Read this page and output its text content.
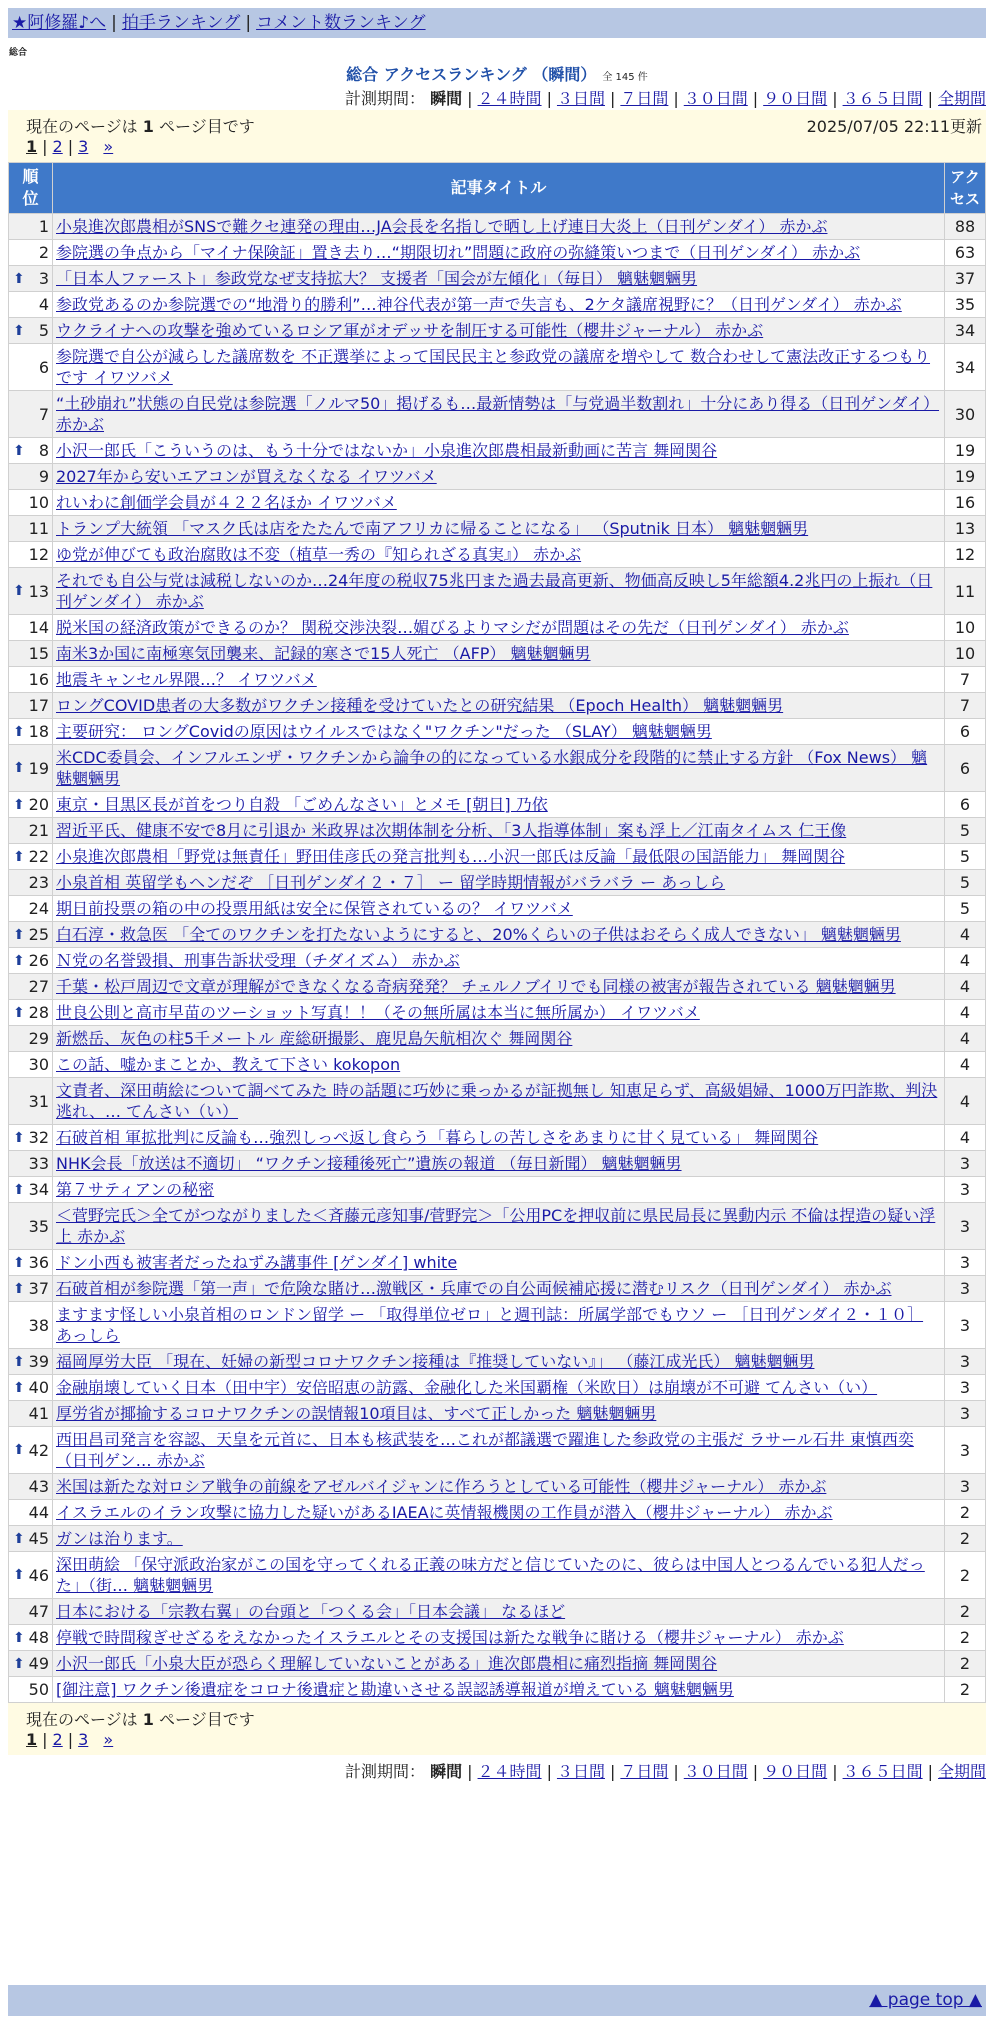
★阿修羅♪へ | 拍手ランキング | コメント数ランキング
総合
総合 アクセスランキング （瞬間） 全 145 件
計測期間： 瞬間 | ２４時間 | ３日間 | ７日間 | ３０日間 | ９０日間 | ３６５日間 | 全期間
現在のページは 1 ページ目です	2025/07/05 22:11更新
1 | 2 | 3 »
順位	記事タイトル	アクセス
1	小泉進次郎農相がSNSで難クセ連発の理由…JA会長を名指しで晒し上げ連日大炎上（日刊ゲンダイ） 赤かぶ	88
2	参院選の争点から「マイナ保険証」置き去り…“期限切れ”問題に政府の弥縫策いつまで（日刊ゲンダイ） 赤かぶ	63

⬆ 3	「日本人ファースト」参政党なぜ支持拡大？ 支援者「国会が左傾化」（毎日） 魑魅魍魎男	37
4	参政党あるのか参院選での“地滑り的勝利”…神谷代表が第一声で失言も、2ケタ議席視野に？（日刊ゲンダイ） 赤かぶ	35

⬆ 5	ウクライナへの攻撃を強めているロシア軍がオデッサを制圧する可能性（櫻井ジャーナル） 赤かぶ	34
6	参院選で自公が減らした議席数を 不正選挙によって国民民主と参政党の議席を増やして 数合わせして憲法改正するつもりです イワツバメ	34
7	“土砂崩れ”状態の自民党は参院選「ノルマ50」掲げるも…最新情勢は「与党過半数割れ」十分にあり得る（日刊ゲンダイ） 赤かぶ	30

⬆ 8	小沢一郎氏「こういうのは、もう十分ではないか」小泉進次郎農相最新動画に苦言 舞岡関谷	19
9	2027年から安いエアコンが買えなくなる イワツバメ	19
10	れいわに創価学会員が４２２名ほか イワツバメ	16
11	トランプ大統領 「マスク氏は店をたたんで南アフリカに帰ることになる」 （Sputnik 日本） 魑魅魍魎男	13
12	ゆ党が伸びても政治腐敗は不変（植草一秀の『知られざる真実』） 赤かぶ	12

⬆ 13	それでも自公与党は減税しないのか…24年度の税収75兆円また過去最高更新、物価高反映し5年総額4.2兆円の上振れ（日刊ゲンダイ） 赤かぶ	11
14	脱米国の経済政策ができるのか？ 関税交渉決裂…媚びるよりマシだが問題はその先だ（日刊ゲンダイ） 赤かぶ	10
15	南米3か国に南極寒気団襲来、記録的寒さで15人死亡 （AFP） 魑魅魍魎男	10
16	地震キャンセル界隈…？ イワツバメ	7
17	ロングCOVID患者の大多数がワクチン接種を受けていたとの研究結果 （Epoch Health） 魑魅魍魎男	7

⬆ 18	主要研究： ロングCovidの原因はウイルスではなく"ワクチン"だった （SLAY） 魑魅魍魎男	6

⬆ 19	米CDC委員会、インフルエンザ・ワクチンから論争の的になっている水銀成分を段階的に禁止する方針 （Fox News） 魑魅魍魎男	6

⬆ 20	東京・目黒区長が首をつり自殺 「ごめんなさい」とメモ [朝日] 乃依	6
21	習近平氏、健康不安で8月に引退か 米政界は次期体制を分析、「3人指導体制」案も浮上／江南タイムス 仁王像	5

⬆ 22	小泉進次郎農相「野党は無責任」野田佳彦氏の発言批判も…小沢一郎氏は反論「最低限の国語能力」 舞岡関谷	5
23	小泉首相 英留学もヘンだぞ ［日刊ゲンダイ２・７］ ー 留学時期情報がバラバラ ー あっしら	5
24	期日前投票の箱の中の投票用紙は安全に保管されているの？ イワツバメ	5

⬆ 25	白石淳・救急医 「全てのワクチンを打たないようにすると、20%くらいの子供はおそらく成人できない」 魑魅魍魎男	4

⬆ 26	Ｎ党の名誉毀損、刑事告訴状受理（チダイズム） 赤かぶ	4
27	千葉・松戸周辺で文章が理解ができなくなる奇病発発？ チェルノブイリでも同様の被害が報告されている 魑魅魍魎男	4

⬆ 28	世良公則と高市早苗のツーショット写真！！（その無所属は本当に無所属か） イワツバメ	4
29	新燃岳、灰色の柱5千メートル 産総研撮影、鹿児島矢航相次ぐ 舞岡関谷	4
30	この話、嘘かまことか、教えて下さい kokopon	4
31	文責者、深田萌絵について調べてみた 時の話題に巧妙に乗っかるが証拠無し 知恵足らず、高級娼婦、1000万円詐欺、判決逃れ、… てんさい（い）	4

⬆ 32	石破首相 軍拡批判に反論も…強烈しっぺ返し食らう「暮らしの苦しさをあまりに甘く見ている」 舞岡関谷	4
33	NHK会長「放送は不適切」 “ワクチン接種後死亡”遺族の報道 （毎日新聞） 魑魅魍魎男	3

⬆ 34	第７サティアンの秘密	3
35	＜菅野完氏＞全てがつながりました＜斉藤元彦知事/菅野完＞「公用PCを押収前に県民局長に異動内示 不倫は捏造の疑い浮上 赤かぶ	3

⬆ 36	ドン小西も被害者だったねずみ講事件 [ゲンダイ] white	3

⬆ 37	石破首相が参院選「第一声」で危険な賭け…激戦区・兵庫での自公両候補応援に潜むリスク（日刊ゲンダイ） 赤かぶ	3
38	ますます怪しい小泉首相のロンドン留学 ー 「取得単位ゼロ」と週刊誌：所属学部でもウソ ー ［日刊ゲンダイ２・１０］ あっしら	3

⬆ 39	福岡厚労大臣 「現在、妊婦の新型コロナワクチン接種は『推奨していない』」 （藤江成光氏） 魑魅魍魎男	3

⬆ 40	金融崩壊していく日本（田中宇）安倍昭恵の訪露、金融化した米国覇権（米欧日）は崩壊が不可避 てんさい（い）	3
41	厚労省が揶揄するコロナワクチンの誤情報10項目は、すべて正しかった 魑魅魍魎男	3

⬆ 42	西田昌司発言を容認、天皇を元首に、日本も核武装を…これが都議選で躍進した参政党の主張だ ラサール石井 東慎西奕（日刊ゲン… 赤かぶ	3
43	米国は新たな対ロシア戦争の前線をアゼルバイジャンに作ろうとしている可能性（櫻井ジャーナル） 赤かぶ	3
44	イスラエルのイラン攻撃に協力した疑いがあるIAEAに英情報機関の工作員が潜入（櫻井ジャーナル） 赤かぶ	2

⬆ 45	ガンは治ります。	2

⬆ 46	深田萌絵 「保守派政治家がこの国を守ってくれる正義の味方だと信じていたのに、彼らは中国人とつるんでいる犯人だった」（街… 魑魅魍魎男	2
47	日本における「宗教右翼」の台頭と「つくる会」「日本会議」 なるほど	2

⬆ 48	停戦で時間稼ぎせざるをえなかったイスラエルとその支援国は新たな戦争に賭ける（櫻井ジャーナル） 赤かぶ	2

⬆ 49	小沢一郎氏「小泉大臣が恐らく理解していないことがある」進次郎農相に痛烈指摘 舞岡関谷	2
50	[御注意] ワクチン後遺症をコロナ後遺症と勘違いさせる誤認誘導報道が増えている 魑魅魍魎男	2
現在のページは 1 ページ目です
1 | 2 | 3 »
計測期間： 瞬間 | ２４時間 | ３日間 | ７日間 | ３０日間 | ９０日間 | ３６５日間 | 全期間
▲ page top ▲
